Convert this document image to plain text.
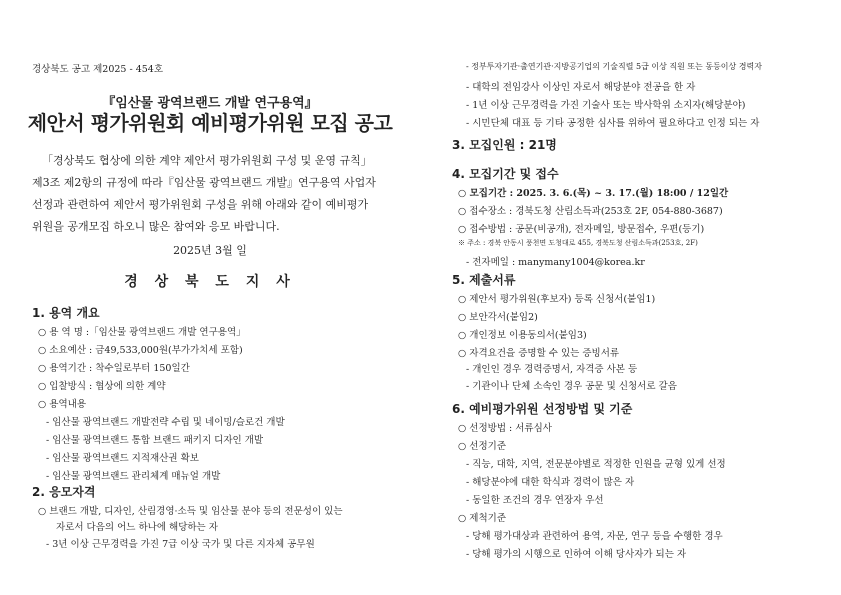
경상북도 공고 제2025 - 454호
『임산물 광역브랜드 개발 연구용역』
제안서 평가위원회 예비평가위원 모집 공고

「경상북도 협상에 의한 계약 제안서 평가위원회 구성 및 운영 규칙」

제3조 제2항의 규정에 따라『임산물 광역브랜드 개발』연구용역 사업자

선정과 관련하여 제안서 평가위원회 구성을 위해 아래와 같이 예비평가

위원을 공개모집 하오니 많은 참여와 응모 바랍니다.

2025년 3월 일
경 상 북 도 지 사
1. 용역 개요
○ 용 역 명 :「임산물 광역브랜드 개발 연구용역」
○ 소요예산 : 금49,533,000원(부가가치세 포함)
○ 용역기간 : 착수일로부터 150일간
○ 입찰방식 : 협상에 의한 계약
○ 용역내용
- 임산물 광역브랜드 개발전략 수립 및 네이밍/슬로건 개발
- 임산물 광역브랜드 통합 브랜드 패키지 디자인 개발
- 임산물 광역브랜드 지적재산권 확보
- 임산물 광역브랜드 관리체계 매뉴얼 개발
2. 응모자격
○ 브랜드 개발, 디자인, 산림경영·소득 및 임산물 분야 등의 전문성이 있는
자로서 다음의 어느 하나에 해당하는 자
- 3년 이상 근무경력을 가진 7급 이상 국가 및 다른 지자체 공무원
- 정부투자기관·출연기관·지방공기업의 기술직렬 5급 이상 직원 또는 동등이상 경력자
- 대학의 전임강사 이상인 자로서 해당분야 전공을 한 자
- 1년 이상 근무경력을 가진 기술사 또는 박사학위 소지자(해당분야)
- 시민단체 대표 등 기타 공정한 심사를 위하여 필요하다고 인정 되는 자
3. 모집인원 : 21명
4. 모집기간 및 접수
○ 모집기간 : 2025. 3. 6.(목) ~ 3. 17.(월) 18:00 / 12일간
○ 접수장소 : 경북도청 산림소득과(253호 2F, 054-880-3687)
○ 접수방법 : 공문(비공개), 전자메일, 방문접수, 우편(등기)
※ 주소 : 경북 안동시 풍천면 도청대로 455, 경북도청 산림소득과(253호, 2F)
- 전자메일 : manymany1004@korea.kr
5. 제출서류
○ 제안서 평가위원(후보자) 등록 신청서(붙임1)
○ 보안각서(붙임2)
○ 개인정보 이용동의서(붙임3)
○ 자격요건을 증명할 수 있는 증빙서류
- 개인인 경우 경력증명서, 자격증 사본 등
- 기관이나 단체 소속인 경우 공문 및 신청서로 갈음
6. 예비평가위원 선정방법 및 기준
○ 선정방법 : 서류심사
○ 선정기준
- 직능, 대학, 지역, 전문분야별로 적정한 인원을 균형 있게 선정
- 해당분야에 대한 학식과 경력이 많은 자
- 동일한 조건의 경우 연장자 우선
○ 제척기준
- 당해 평가대상과 관련하여 용역, 자문, 연구 등을 수행한 경우
- 당해 평가의 시행으로 인하여 이해 당사자가 되는 자
